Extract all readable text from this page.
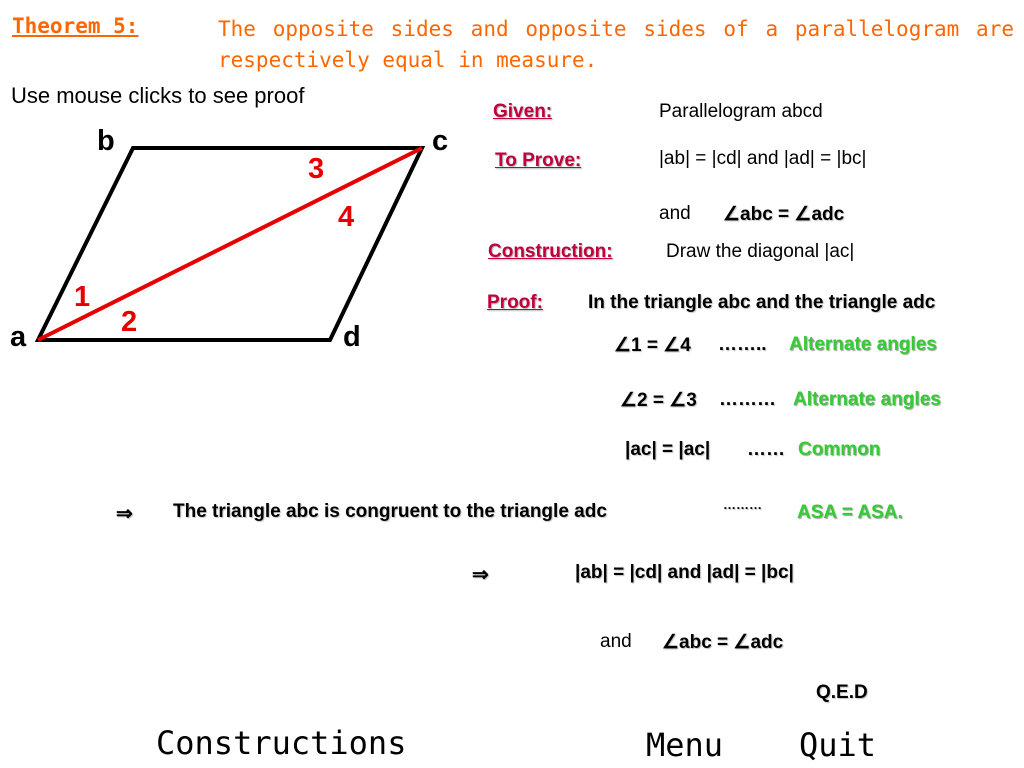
Theorem 5:	The opposite sides and opposite sides of a parallelogram are respectively equal in measure.
Use mouse clicks to see proof
b	c
a	d
3
4
1
2
Given:	Parallelogram abcd
To Prove:	|ab| = |cd| and |ad| = |bc|
and ∠abc = ∠adc
Construction:	Draw the diagonal |ac|
Proof: In the triangle abc and the triangle adc
∠1 = ∠4 …….. Alternate angles
∠2 = ∠3 ……… Alternate angles
|ac| = |ac| …… Common
⇒ The triangle abc is congruent to the triangle adc	……… ASA = ASA.
⇒	|ab| = |cd| and |ad| = |bc|
and ∠abc = ∠adc
Q.E.D
Constructions	Menu Quit
